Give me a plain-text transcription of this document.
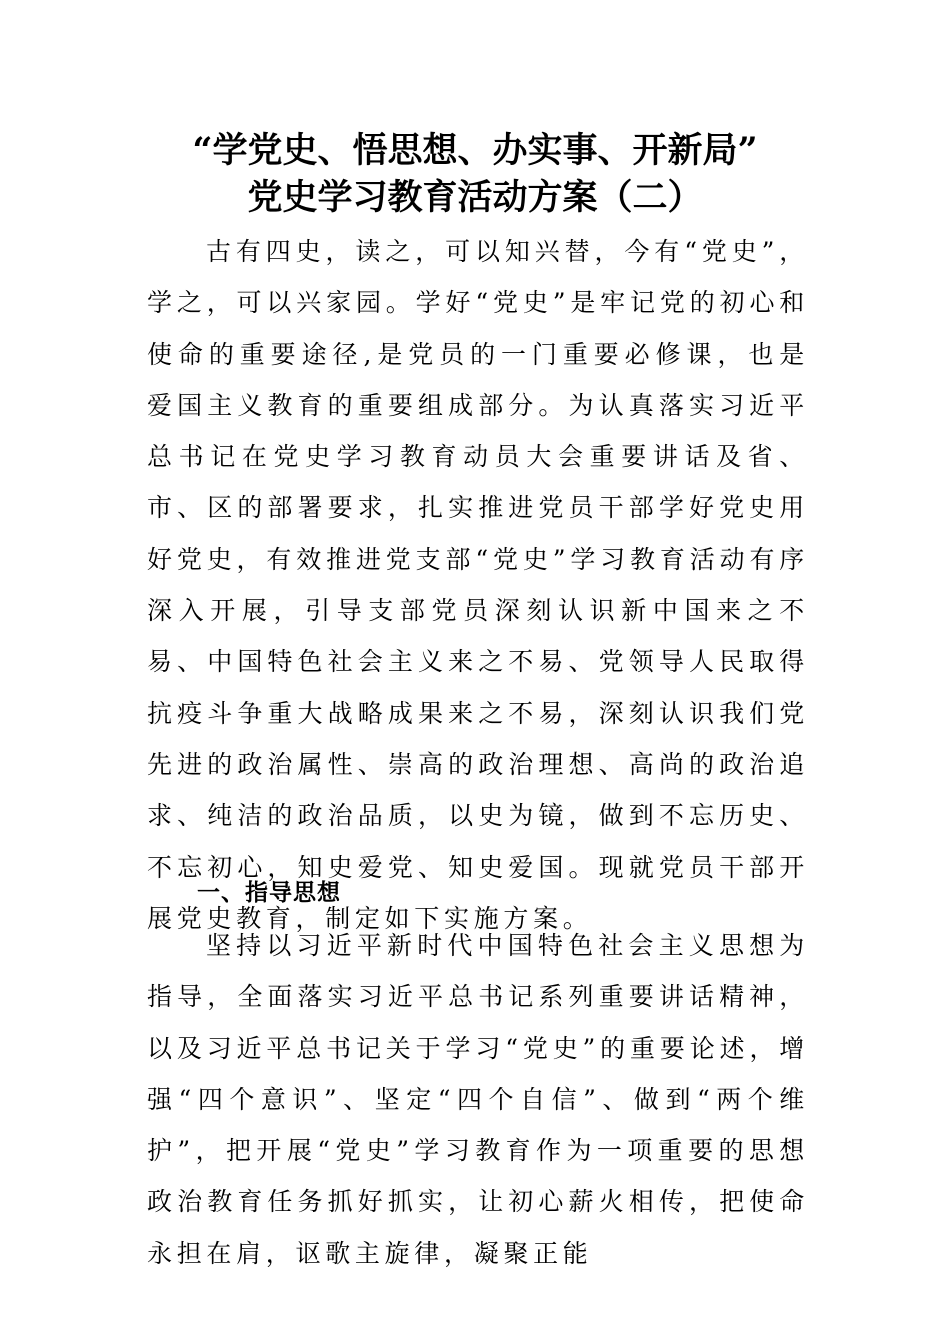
“学党史、悟思想、办实事、开新局”
党史学习教育活动方案（二）

古有四史，读之，可以知兴替，今有“党史”，学之，可以兴家园。学好“党史”是牢记党的初心和使命的重要途径,是党员的一门重要必修课，也是爱国主义教育的重要组成部分。为认真落实习近平总书记在党史学习教育动员大会重要讲话及省、市、区的部署要求，扎实推进党员干部学好党史用好党史，有效推进党支部“党史”学习教育活动有序深入开展，引导支部党员深刻认识新中国来之不易、中国特色社会主义来之不易、党领导人民取得抗疫斗争重大战略成果来之不易，深刻认识我们党先进的政治属性、崇高的政治理想、高尚的政治追求、纯洁的政治品质，以史为镜，做到不忘历史、不忘初心，知史爱党、知史爱国。现就党员干部开展党史教育，制定如下实施方案。

一、指导思想

坚持以习近平新时代中国特色社会主义思想为指导，全面落实习近平总书记系列重要讲话精神，以及习近平总书记关于学习“党史”的重要论述，增强“四个意识”、坚定“四个自信”、做到“两个维护”，把开展“党史”学习教育作为一项重要的思想政治教育任务抓好抓实，让初心薪火相传，把使命永担在肩，讴歌主旋律，凝聚正能
